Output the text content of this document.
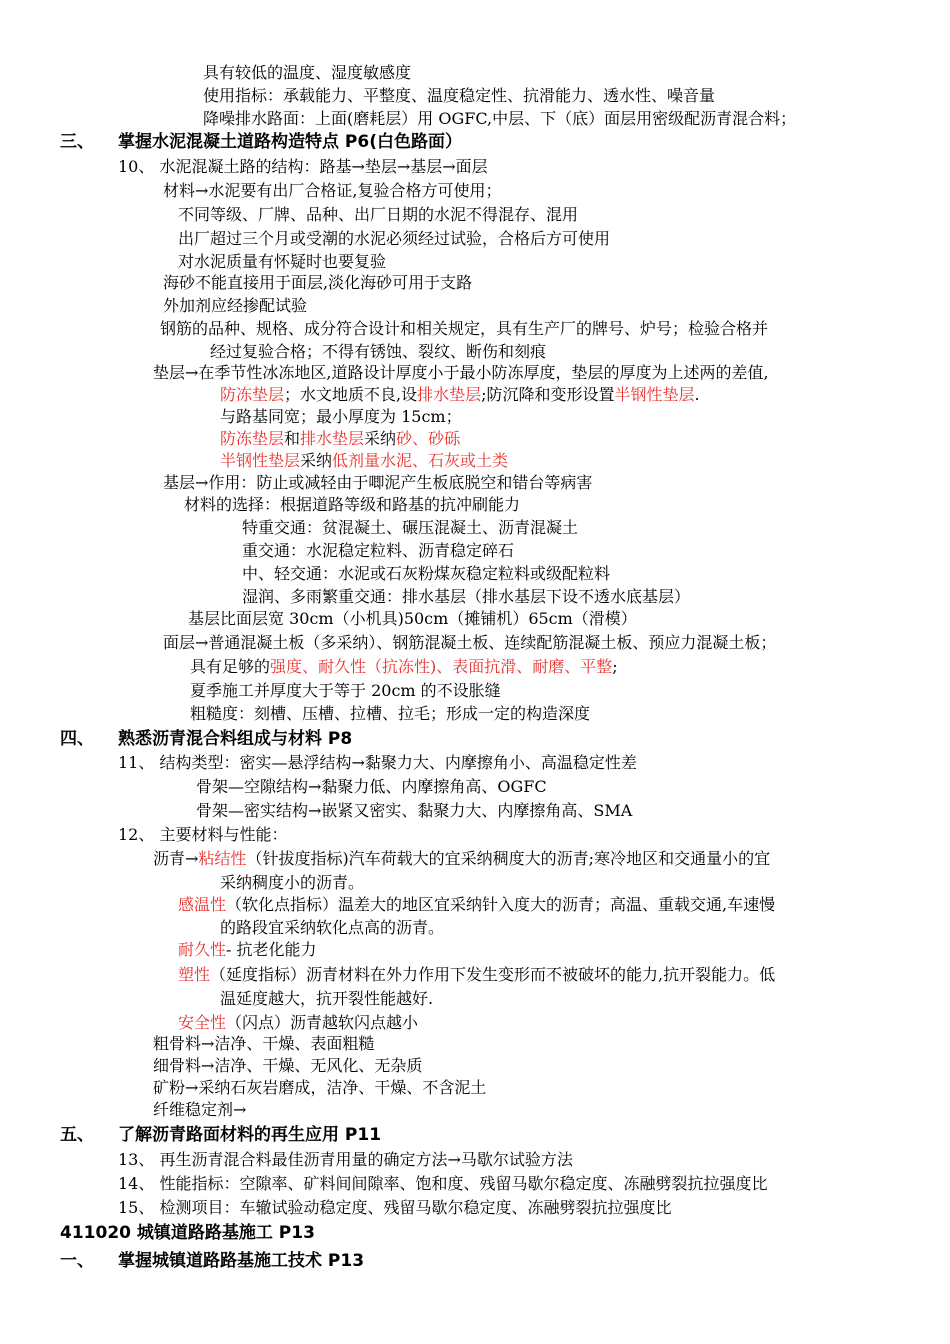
具有较低的温度、湿度敏感度
使用指标：承载能力、平整度、温度稳定性、抗滑能力、透水性、噪音量
降噪排水路面：上面(磨耗层）用 OGFC,中层、下（底）面层用密级配沥青混合料；
三、 掌握水泥混凝土道路构造特点 P6(白色路面）
10、 水泥混凝土路的结构：路基→垫层→基层→面层
材料→水泥要有出厂合格证,复验合格方可使用；
不同等级、厂牌、品种、出厂日期的水泥不得混存、混用
出厂超过三个月或受潮的水泥必须经过试验，合格后方可使用
对水泥质量有怀疑时也要复验
海砂不能直接用于面层,淡化海砂可用于支路
外加剂应经掺配试验
钢筋的品种、规格、成分符合设计和相关规定，具有生产厂的牌号、炉号；检验合格并
经过复验合格；不得有锈蚀、裂纹、断伤和刻痕
垫层→在季节性冰冻地区,道路设计厚度小于最小防冻厚度，垫层的厚度为上述两的差值,
防冻垫层；水文地质不良,设排水垫层;防沉降和变形设置半钢性垫层.
与路基同宽；最小厚度为 15cm；
防冻垫层和排水垫层采纳砂、砂砾
半钢性垫层采纳低剂量水泥、石灰或土类
基层→作用：防止或减轻由于唧泥产生板底脱空和错台等病害
材料的选择：根据道路等级和路基的抗冲刷能力
特重交通：贫混凝土、碾压混凝土、沥青混凝土
重交通：水泥稳定粒料、沥青稳定碎石
中、轻交通：水泥或石灰粉煤灰稳定粒料或级配粒料
湿润、多雨繁重交通：排水基层（排水基层下设不透水底基层）
基层比面层宽 30cm（小机具)50cm（摊铺机）65cm（滑模）
面层→普通混凝土板（多采纳）、钢筋混凝土板、连续配筋混凝土板、预应力混凝土板；
具有足够的强度、耐久性（抗冻性)、表面抗滑、耐磨、平整;
夏季施工并厚度大于等于 20cm 的不设胀缝
粗糙度：刻槽、压槽、拉槽、拉毛；形成一定的构造深度
四、 熟悉沥青混合料组成与材料 P8
11、 结构类型：密实—悬浮结构→黏聚力大、内摩擦角小、高温稳定性差
骨架—空隙结构→黏聚力低、内摩擦角高、OGFC
骨架—密实结构→嵌紧又密实、黏聚力大、内摩擦角高、SMA
12、 主要材料与性能：
沥青→粘结性（针拔度指标)汽车荷载大的宜采纳稠度大的沥青;寒冷地区和交通量小的宜
采纳稠度小的沥青。
感温性（软化点指标）温差大的地区宜采纳针入度大的沥青；高温、重载交通,车速慢
的路段宜采纳软化点高的沥青。
耐久性- 抗老化能力
塑性（延度指标）沥青材料在外力作用下发生变形而不被破坏的能力,抗开裂能力。低
温延度越大，抗开裂性能越好.
安全性（闪点）沥青越软闪点越小
粗骨料→洁净、干燥、表面粗糙
细骨料→洁净、干燥、无风化、无杂质
矿粉→采纳石灰岩磨成，洁净、干燥、不含泥土
纤维稳定剂→
五、 了解沥青路面材料的再生应用 P11
13、 再生沥青混合料最佳沥青用量的确定方法→马歇尔试验方法
14、 性能指标：空隙率、矿料间间隙率、饱和度、残留马歇尔稳定度、冻融劈裂抗拉强度比
15、 检测项目：车辙试验动稳定度、残留马歇尔稳定度、冻融劈裂抗拉强度比
411020 城镇道路路基施工 P13
一、 掌握城镇道路路基施工技术 P13
